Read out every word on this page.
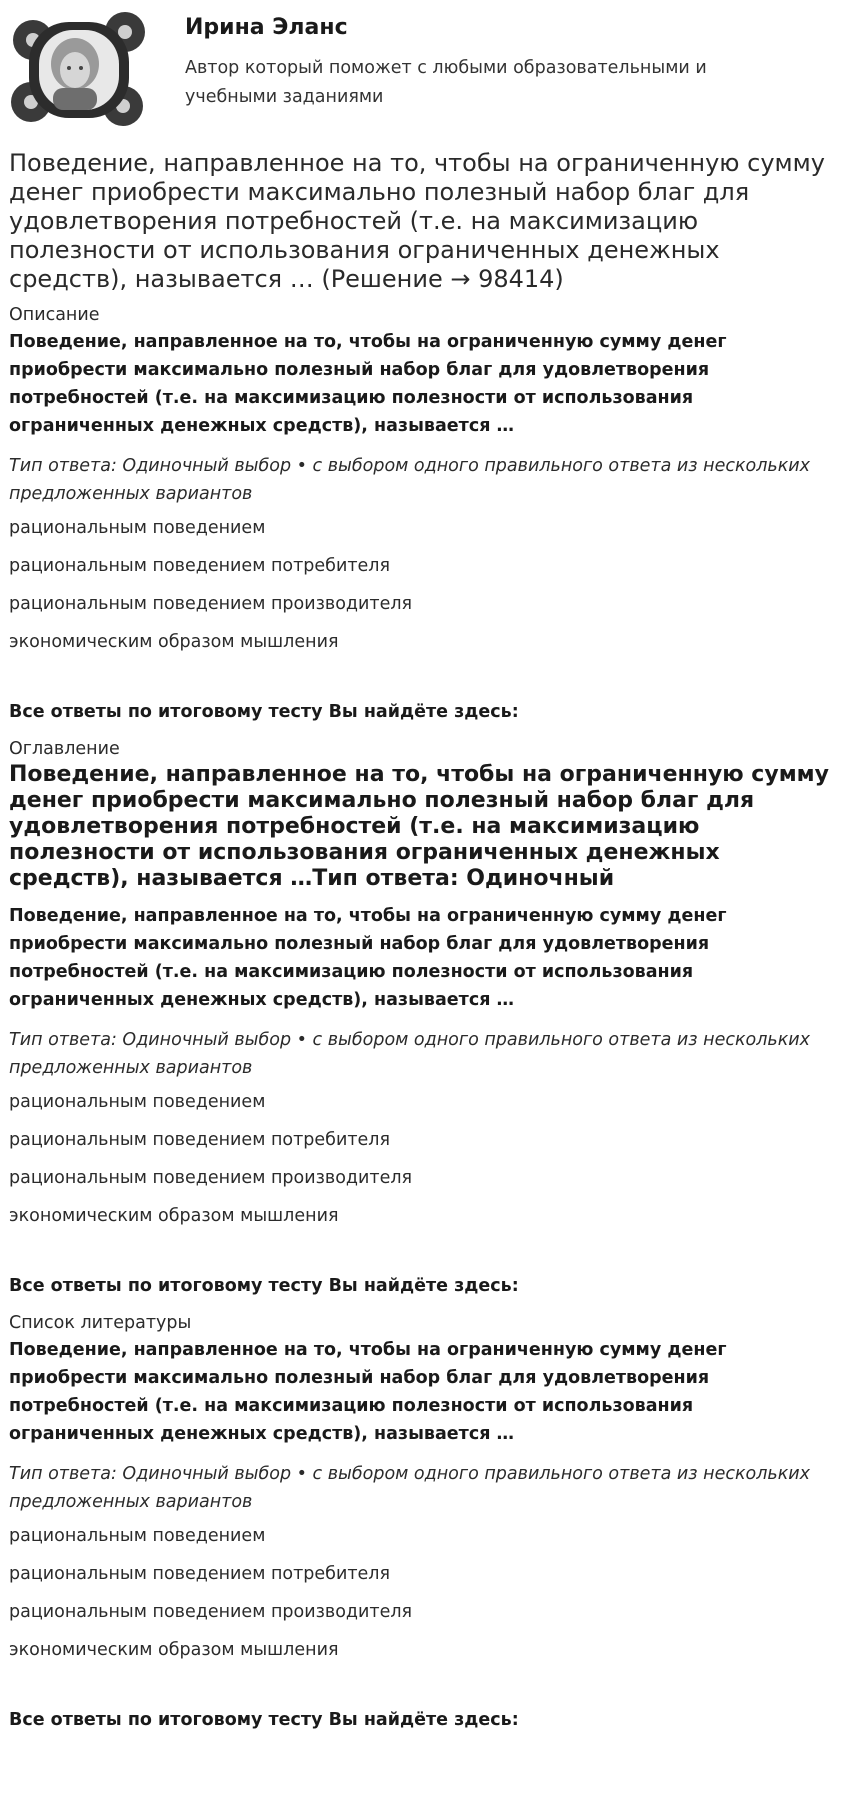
Ирина Эланс

Автор который поможет с любыми образовательными и
учебными заданиями

Поведение, направленное на то, чтобы на ограниченную сумму денег приобрести максимально полезный набор благ для удовлетворения потребностей (т.е. на максимизацию полезности от использования ограниченных денежных средств), называется … (Решение → 98414)
Описание
Поведение, направленное на то, чтобы на ограниченную сумму денег приобрести максимально полезный набор благ для удовлетворения потребностей (т.е. на максимизацию полезности от использования ограниченных денежных средств), называется …
Тип ответа: Одиночный выбор • с выбором одного правильного ответа из нескольких предложенных вариантов
рациональным поведением
рациональным поведением потребителя
рациональным поведением производителя
экономическим образом мышления
Все ответы по итоговому тесту Вы найдёте здесь:
Оглавление
Поведение, направленное на то, чтобы на ограниченную сумму денег приобрести максимально полезный набор благ для удовлетворения потребностей (т.е. на максимизацию полезности от использования ограниченных денежных средств), называется …Тип ответа: Одиночный
Поведение, направленное на то, чтобы на ограниченную сумму денег приобрести максимально полезный набор благ для удовлетворения потребностей (т.е. на максимизацию полезности от использования ограниченных денежных средств), называется …
Тип ответа: Одиночный выбор • с выбором одного правильного ответа из нескольких предложенных вариантов
рациональным поведением
рациональным поведением потребителя
рациональным поведением производителя
экономическим образом мышления
Все ответы по итоговому тесту Вы найдёте здесь:
Список литературы
Поведение, направленное на то, чтобы на ограниченную сумму денег приобрести максимально полезный набор благ для удовлетворения потребностей (т.е. на максимизацию полезности от использования ограниченных денежных средств), называется …
Тип ответа: Одиночный выбор • с выбором одного правильного ответа из нескольких предложенных вариантов
рациональным поведением
рациональным поведением потребителя
рациональным поведением производителя
экономическим образом мышления
Все ответы по итоговому тесту Вы найдёте здесь:
